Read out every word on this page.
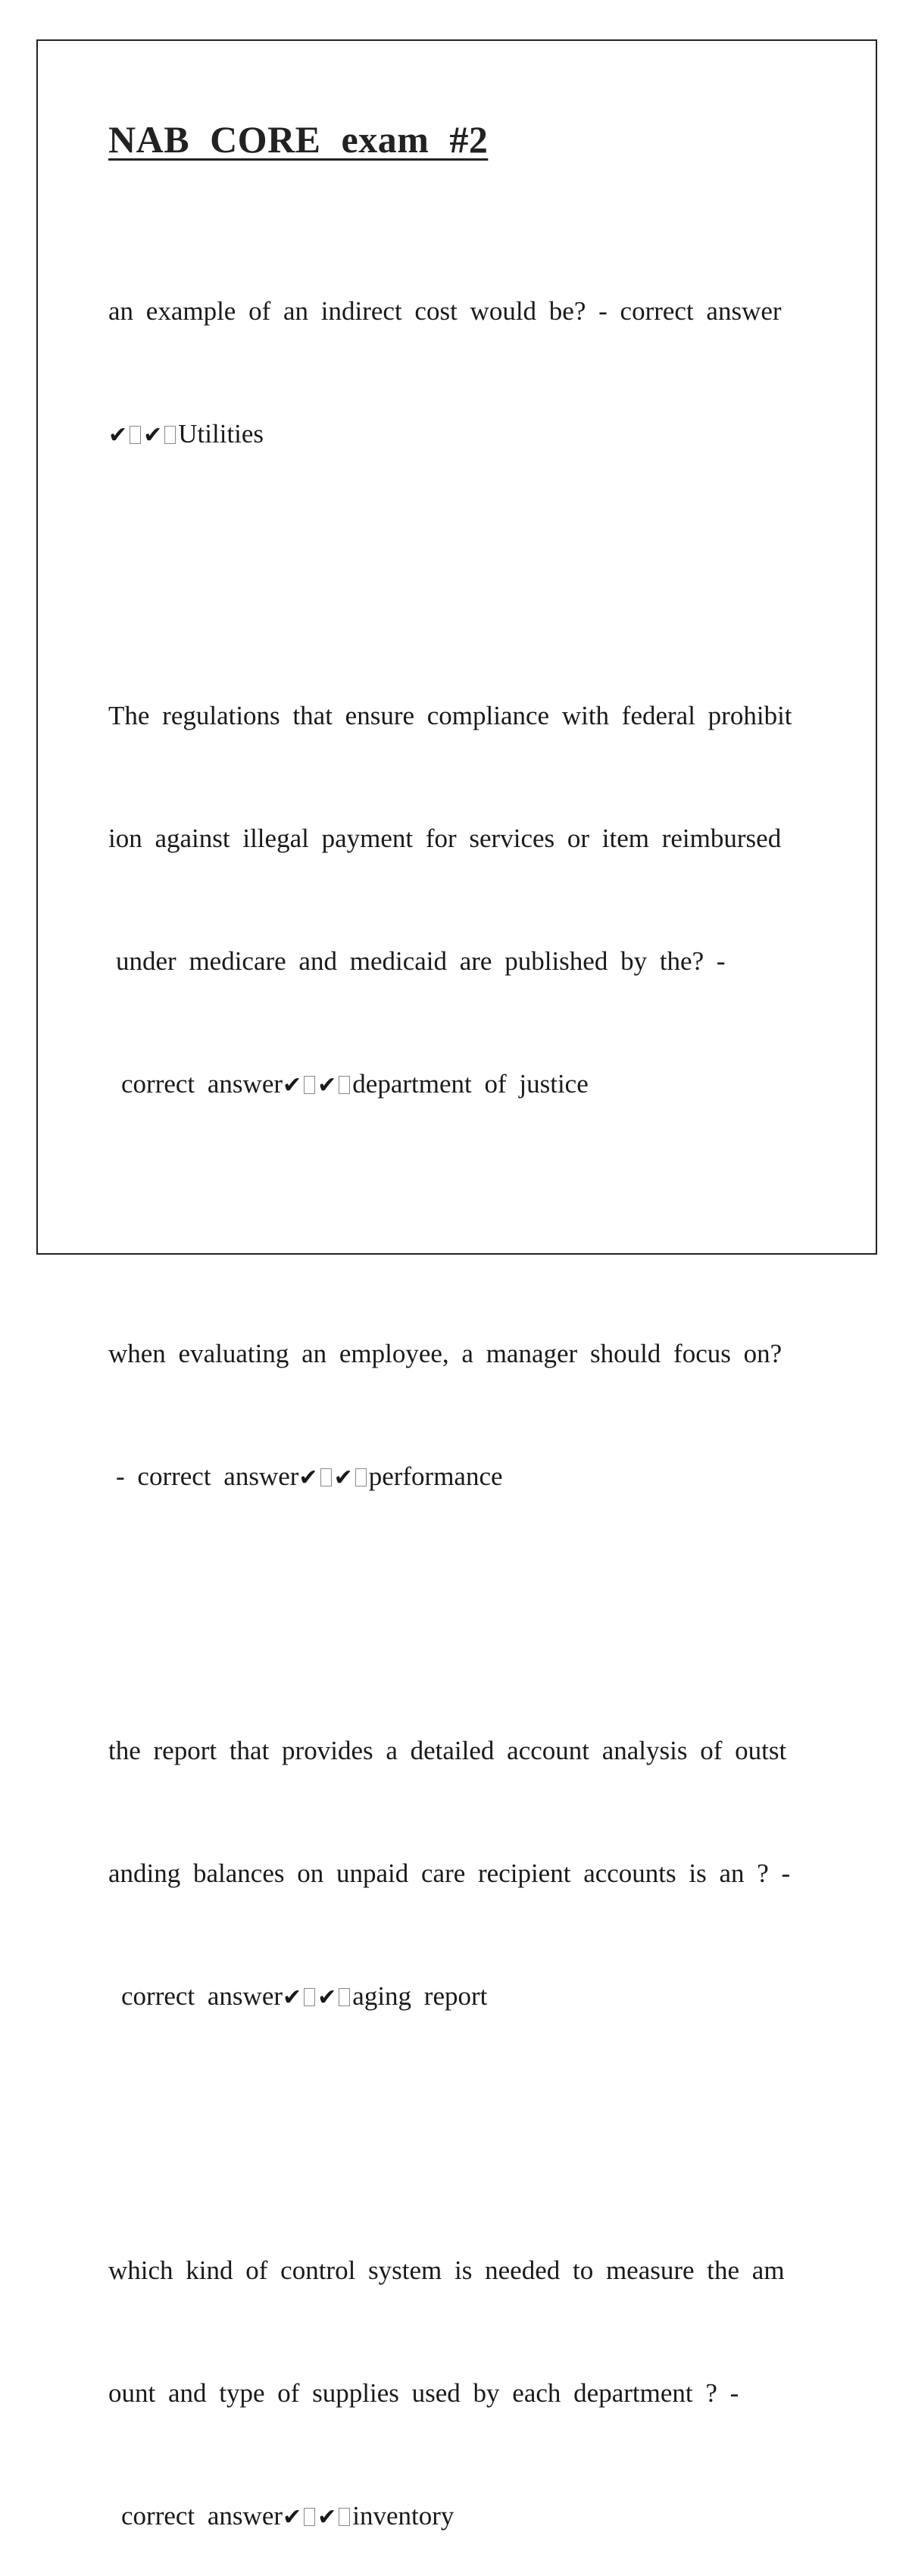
NAB CORE exam #2

an example of an indirect cost would be? - correct answer

✔ ✔ Utilities

The regulations that ensure compliance with federal prohibit

ion against illegal payment for services or item reimbursed

under medicare and medicaid are published by the? -

correct answer✔ ✔ department of justice

when evaluating an employee, a manager should focus on?

- correct answer✔ ✔ performance

the report that provides a detailed account analysis of outst

anding balances on unpaid care recipient accounts is an ? -

correct answer✔ ✔ aging report

which kind of control system is needed to measure the am

ount and type of supplies used by each department ? -

correct answer✔ ✔ inventory
